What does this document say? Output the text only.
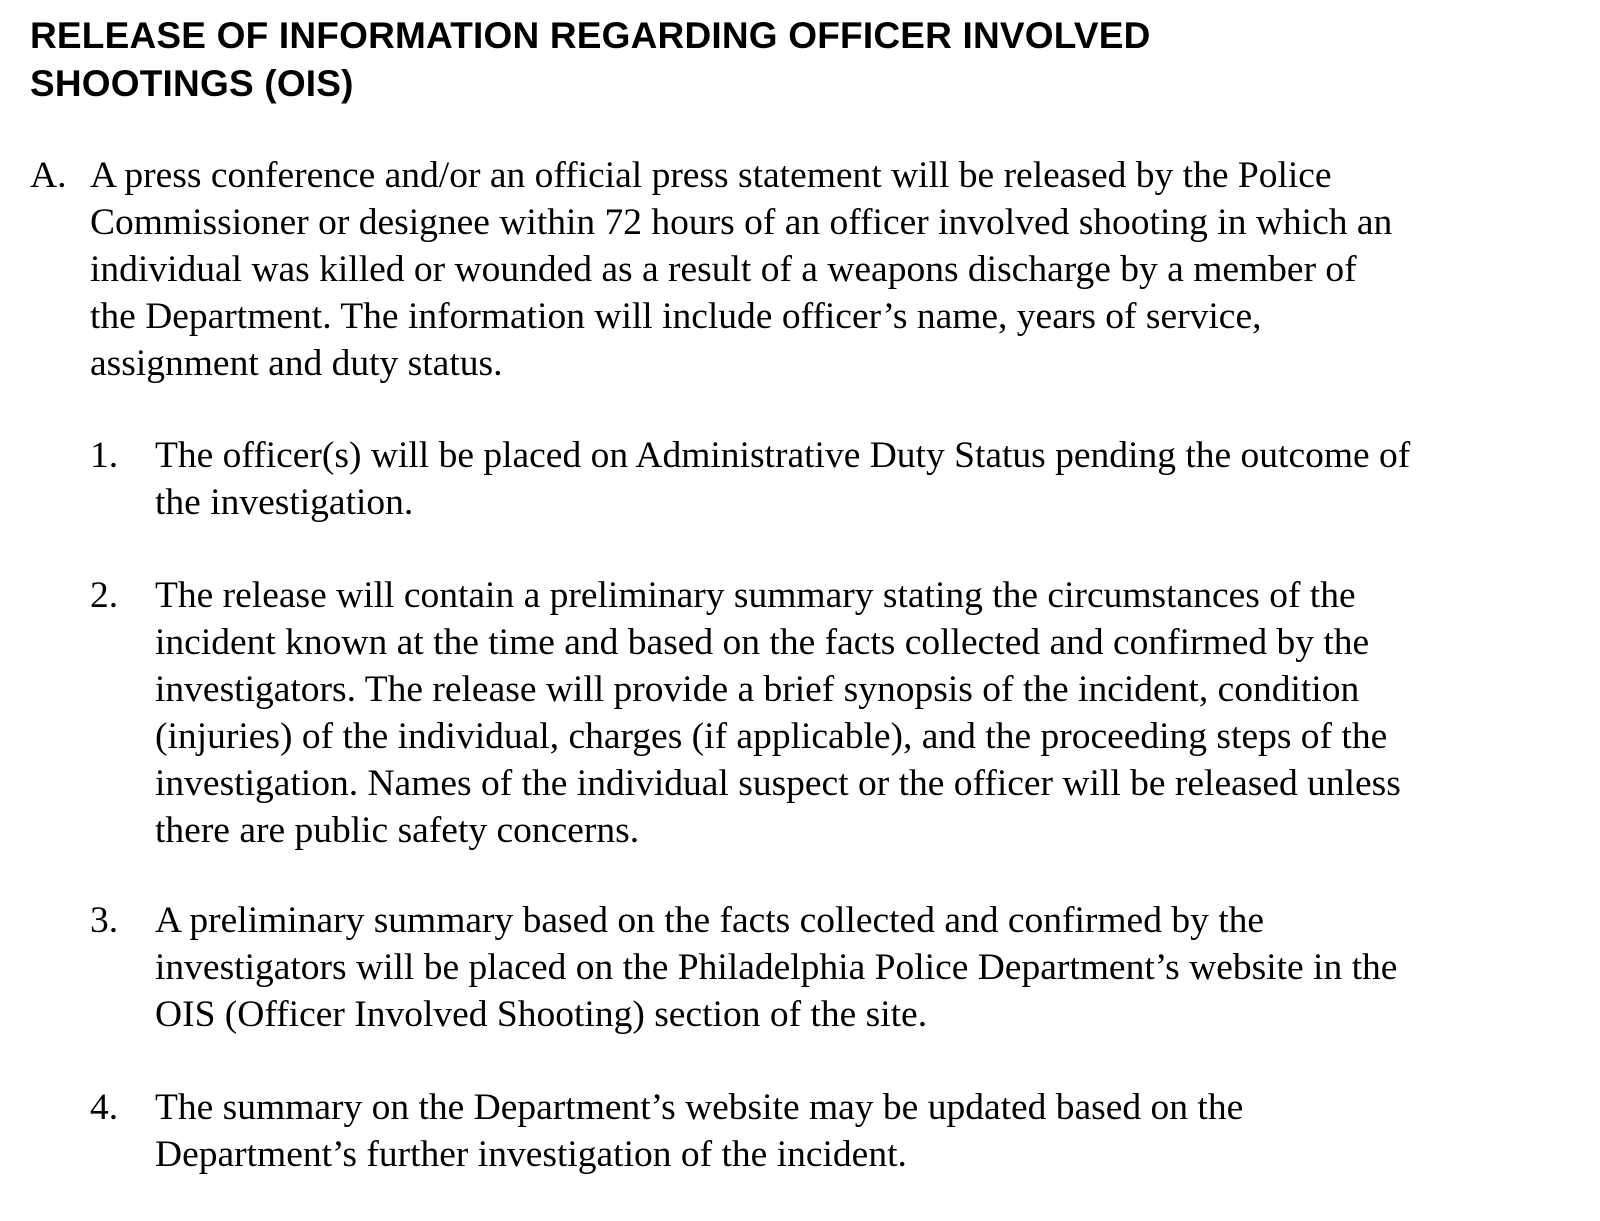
RELEASE OF INFORMATION REGARDING OFFICER INVOLVED
SHOOTINGS (OIS)
A. A press conference and/or an official press statement will be released by the Police
Commissioner or designee within 72 hours of an officer involved shooting in which an
individual was killed or wounded as a result of a weapons discharge by a member of
the Department. The information will include officer’s name, years of service,
assignment and duty status.
1. The officer(s) will be placed on Administrative Duty Status pending the outcome of
the investigation.
2. The release will contain a preliminary summary stating the circumstances of the
incident known at the time and based on the facts collected and confirmed by the
investigators. The release will provide a brief synopsis of the incident, condition
(injuries) of the individual, charges (if applicable), and the proceeding steps of the
investigation. Names of the individual suspect or the officer will be released unless
there are public safety concerns.
3. A preliminary summary based on the facts collected and confirmed by the
investigators will be placed on the Philadelphia Police Department’s website in the
OIS (Officer Involved Shooting) section of the site.
4. The summary on the Department’s website may be updated based on the
Department’s further investigation of the incident.
